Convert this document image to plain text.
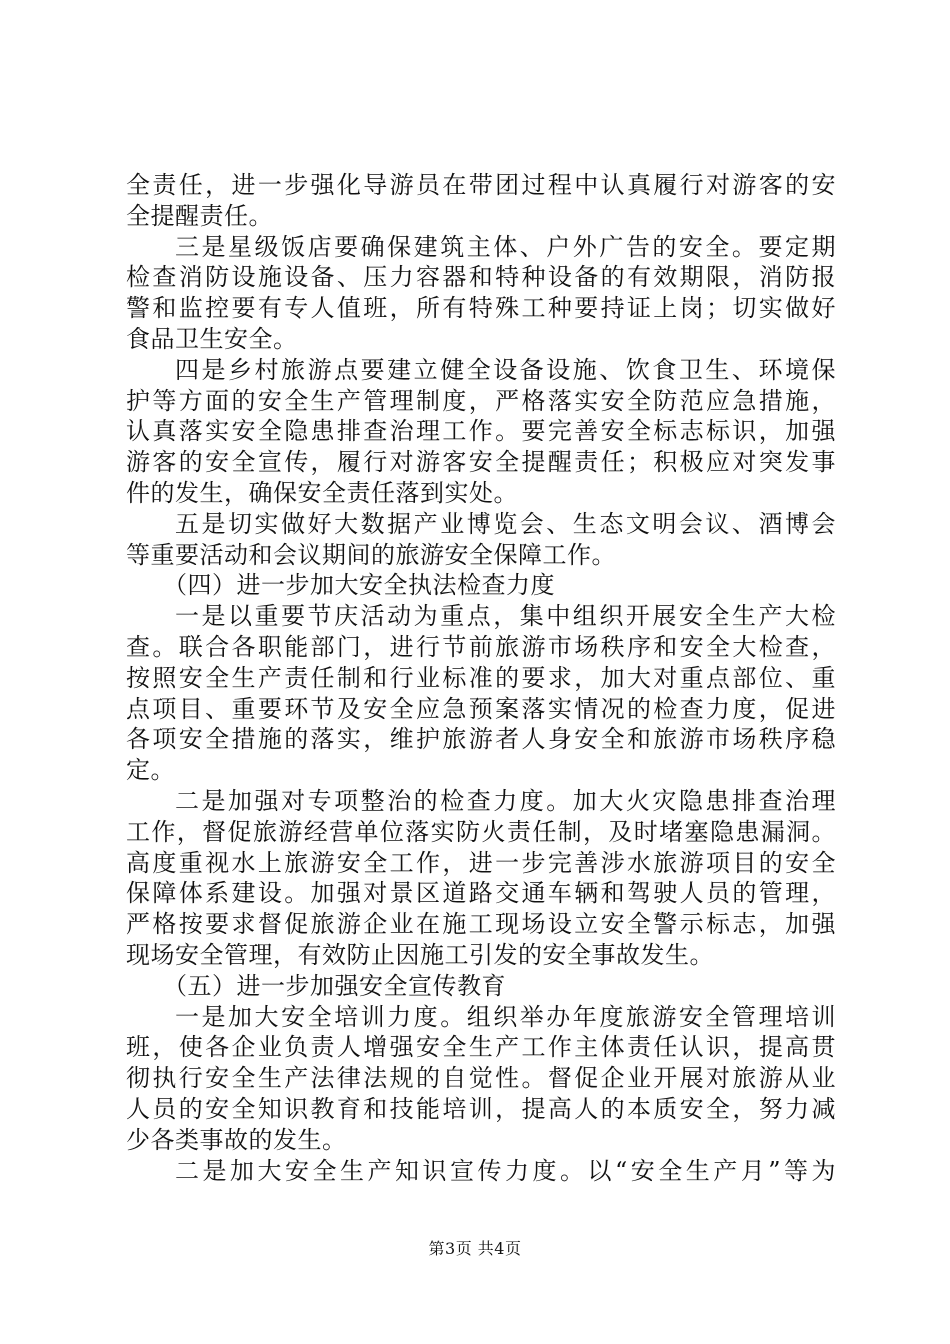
全责任，进一步强化导游员在带团过程中认真履行对游客的安
全提醒责任。
三是星级饭店要确保建筑主体、户外广告的安全。要定期
检查消防设施设备、压力容器和特种设备的有效期限，消防报
警和监控要有专人值班，所有特殊工种要持证上岗；切实做好
食品卫生安全。
四是乡村旅游点要建立健全设备设施、饮食卫生、环境保
护等方面的安全生产管理制度，严格落实安全防范应急措施，
认真落实安全隐患排查治理工作。要完善安全标志标识，加强
游客的安全宣传，履行对游客安全提醒责任；积极应对突发事
件的发生，确保安全责任落到实处。
五是切实做好大数据产业博览会、生态文明会议、酒博会
等重要活动和会议期间的旅游安全保障工作。
（四）进一步加大安全执法检查力度
一是以重要节庆活动为重点，集中组织开展安全生产大检
查。联合各职能部门，进行节前旅游市场秩序和安全大检查，
按照安全生产责任制和行业标准的要求，加大对重点部位、重
点项目、重要环节及安全应急预案落实情况的检查力度，促进
各项安全措施的落实，维护旅游者人身安全和旅游市场秩序稳
定。
二是加强对专项整治的检查力度。加大火灾隐患排查治理
工作，督促旅游经营单位落实防火责任制，及时堵塞隐患漏洞。
高度重视水上旅游安全工作，进一步完善涉水旅游项目的安全
保障体系建设。加强对景区道路交通车辆和驾驶人员的管理，
严格按要求督促旅游企业在施工现场设立安全警示标志，加强
现场安全管理，有效防止因施工引发的安全事故发生。
（五）进一步加强安全宣传教育
一是加大安全培训力度。组织举办年度旅游安全管理培训
班，使各企业负责人增强安全生产工作主体责任认识，提高贯
彻执行安全生产法律法规的自觉性。督促企业开展对旅游从业
人员的安全知识教育和技能培训，提高人的本质安全，努力减
少各类事故的发生。
二是加大安全生产知识宣传力度。以“安全生产月”等为
第3页 共4页
